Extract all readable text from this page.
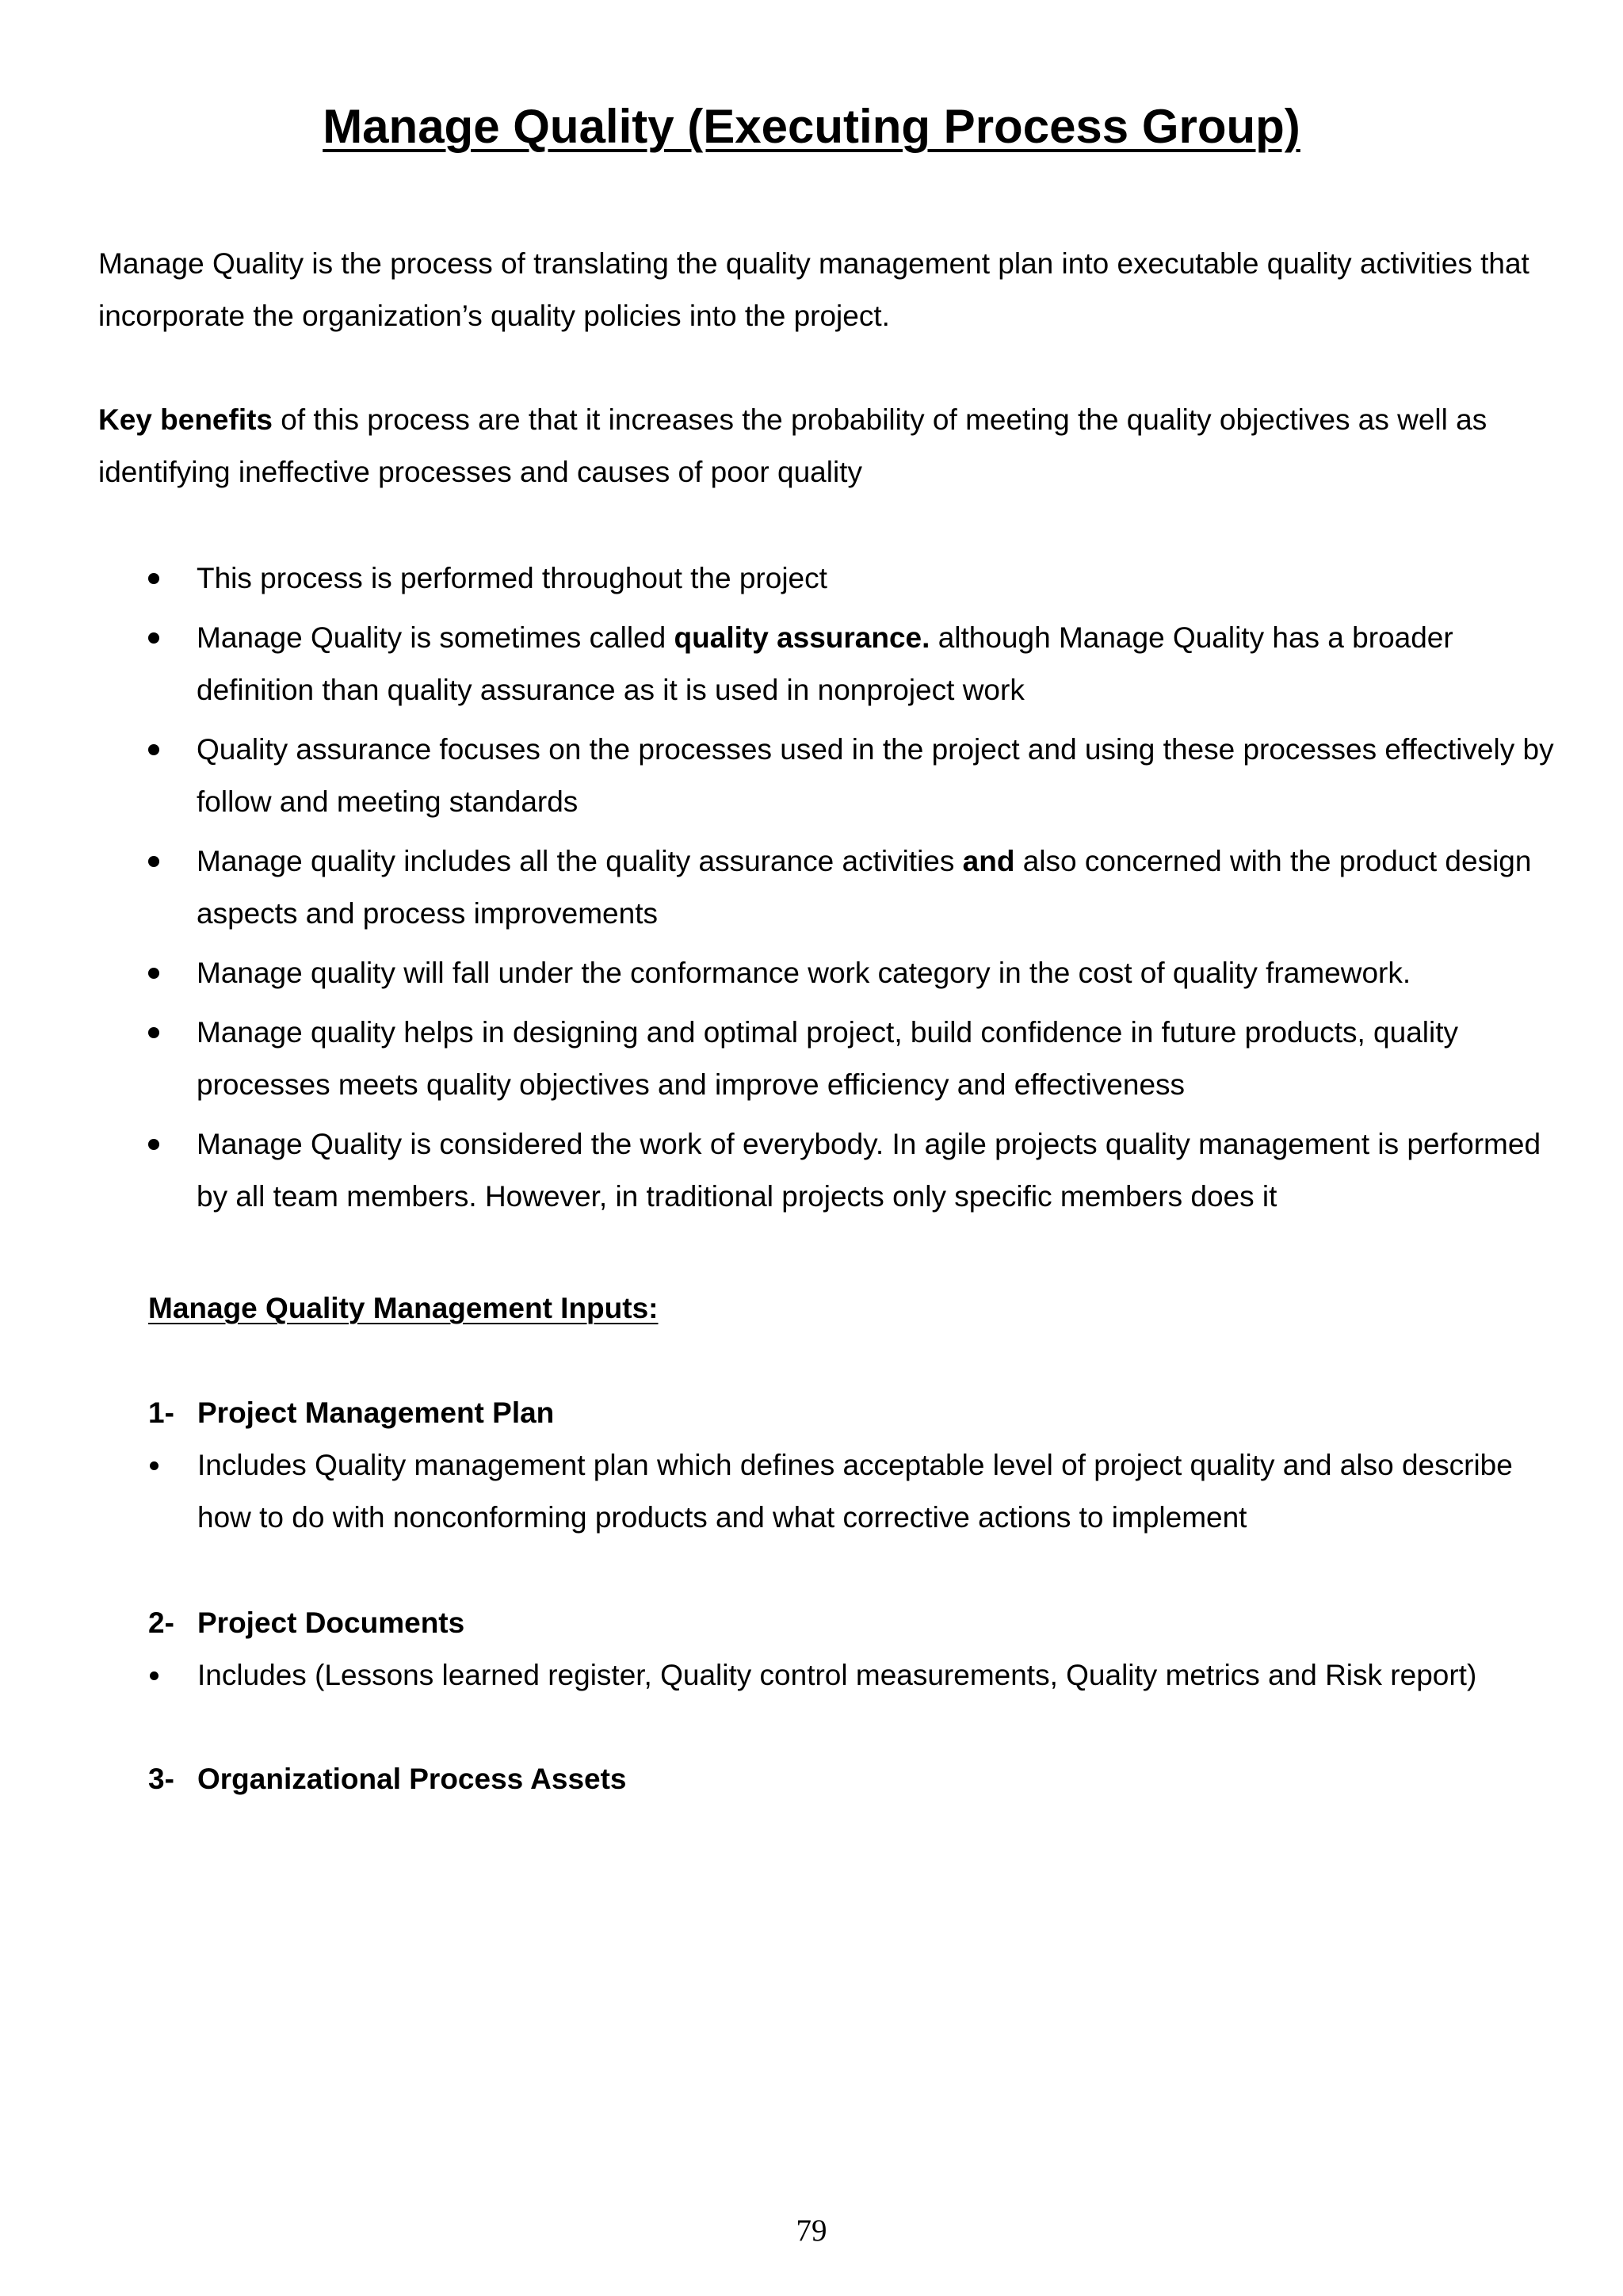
Manage Quality (Executing Process Group)

Manage Quality is the process of translating the quality management plan into executable quality activities that incorporate the organization’s quality policies into the project.

Key benefits of this process are that it increases the probability of meeting the quality objectives as well as identifying ineffective processes and causes of poor quality

This process is performed throughout the project
Manage Quality is sometimes called quality assurance. although Manage Quality has a broader definition than quality assurance as it is used in nonproject work
Quality assurance focuses on the processes used in the project and using these processes effectively by follow and meeting standards
Manage quality includes all the quality assurance activities and also concerned with the product design aspects and process improvements
Manage quality will fall under the conformance work category in the cost of quality framework.
Manage quality helps in designing and optimal project, build confidence in future products, quality processes meets quality objectives and improve efficiency and effectiveness
Manage Quality is considered the work of everybody. In agile projects quality management is performed by all team members. However, in traditional projects only specific members does it
Manage Quality Management Inputs:
1- Project Management Plan
Includes Quality management plan which defines acceptable level of project quality and also describe how to do with nonconforming products and what corrective actions to implement
2- Project Documents
Includes (Lessons learned register, Quality control measurements, Quality metrics and Risk report)
3- Organizational Process Assets
79
